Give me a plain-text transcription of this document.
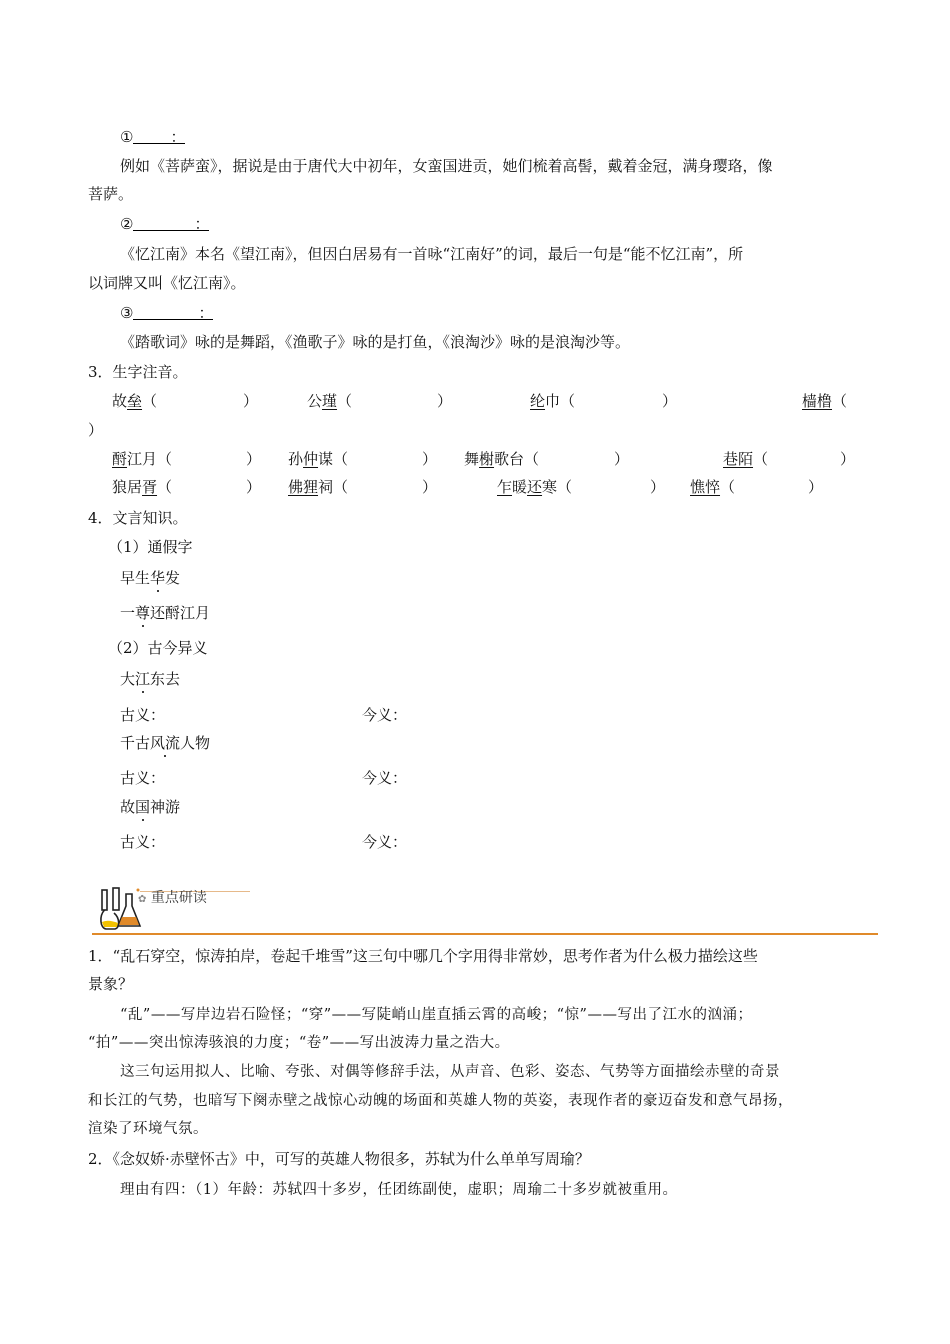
① ：
例如《菩萨蛮》，据说是由于唐代大中初年，女蛮国进贡，她们梳着高髻，戴着金冠，满身璎珞，像
菩萨。
②	：
《忆江南》本名《望江南》，但因白居易有一首咏“江南好”的词，最后一句是“能不忆江南”，所
以词牌又叫《忆江南》。
③	：
《踏歌词》咏的是舞蹈，《渔歌子》咏的是打鱼，《浪淘沙》咏的是浪淘沙等。
3．生字注音。
故垒（	）	公瑾（	）	纶巾（	）	樯橹（
）
酹江月（	） 孙仲谋（	） 舞榭歌台（	）	巷陌（	）
狼居胥（	） 佛狸祠（	）	乍暖还寒（	） 憔悴（	）
4．文言知识。
（1）通假字
早生华发
一尊还酹江月
（2）古今异义
大江东去
古义：	今义：
千古风流人物
古义：	今义：
故国神游
古义：	今义：
✿ 重点研读
1．“乱石穿空，惊涛拍岸，卷起千堆雪”这三句中哪几个字用得非常妙，思考作者为什么极力描绘这些
景象？
“乱”——写岸边岩石险怪；“穿”——写陡峭山崖直插云霄的高峻；“惊”——写出了江水的汹涌；
“拍”——突出惊涛骇浪的力度；“卷”——写出波涛力量之浩大。
这三句运用拟人、比喻、夸张、对偶等修辞手法，从声音、色彩、姿态、气势等方面描绘赤壁的奇景
和长江的气势，也暗写下阕赤壁之战惊心动魄的场面和英雄人物的英姿，表现作者的豪迈奋发和意气昂扬，
渲染了环境气氛。
2．《念奴娇·赤壁怀古》中，可写的英雄人物很多，苏轼为什么单单写周瑜？
理由有四：（1）年龄：苏轼四十多岁，任团练副使，虚职；周瑜二十多岁就被重用。
